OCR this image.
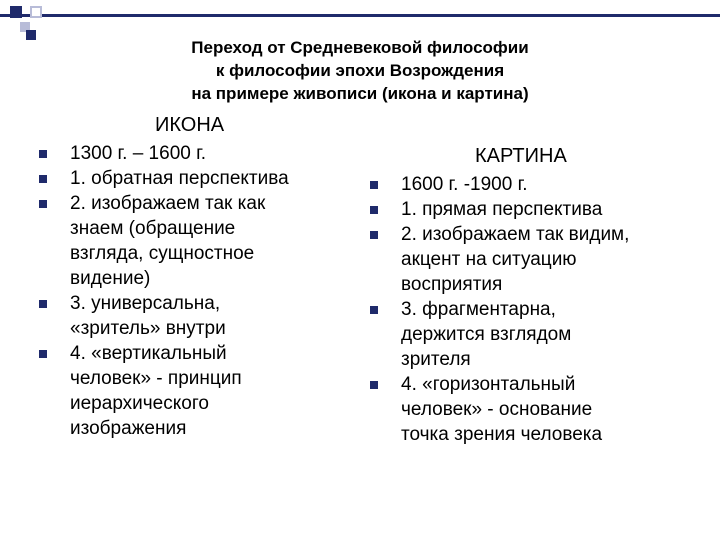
Переход от Средневековой философии
к философии эпохи Возрождения
на примере живописи (икона и картина)
ИКОНА
1300 г. – 1600 г.
1. обратная перспектива
2. изображаем так как
знаем (обращение
взгляда, сущностное
видение)
3. универсальна,
«зритель» внутри
4. «вертикальный
человек» - принцип
иерархического
изображения
КАРТИНА
1600 г. -1900 г.
1. прямая перспектива
2. изображаем так видим,
акцент на ситуацию
восприятия
3. фрагментарна,
держится взглядом
зрителя
4. «горизонтальный
человек» - основание
точка зрения человека
